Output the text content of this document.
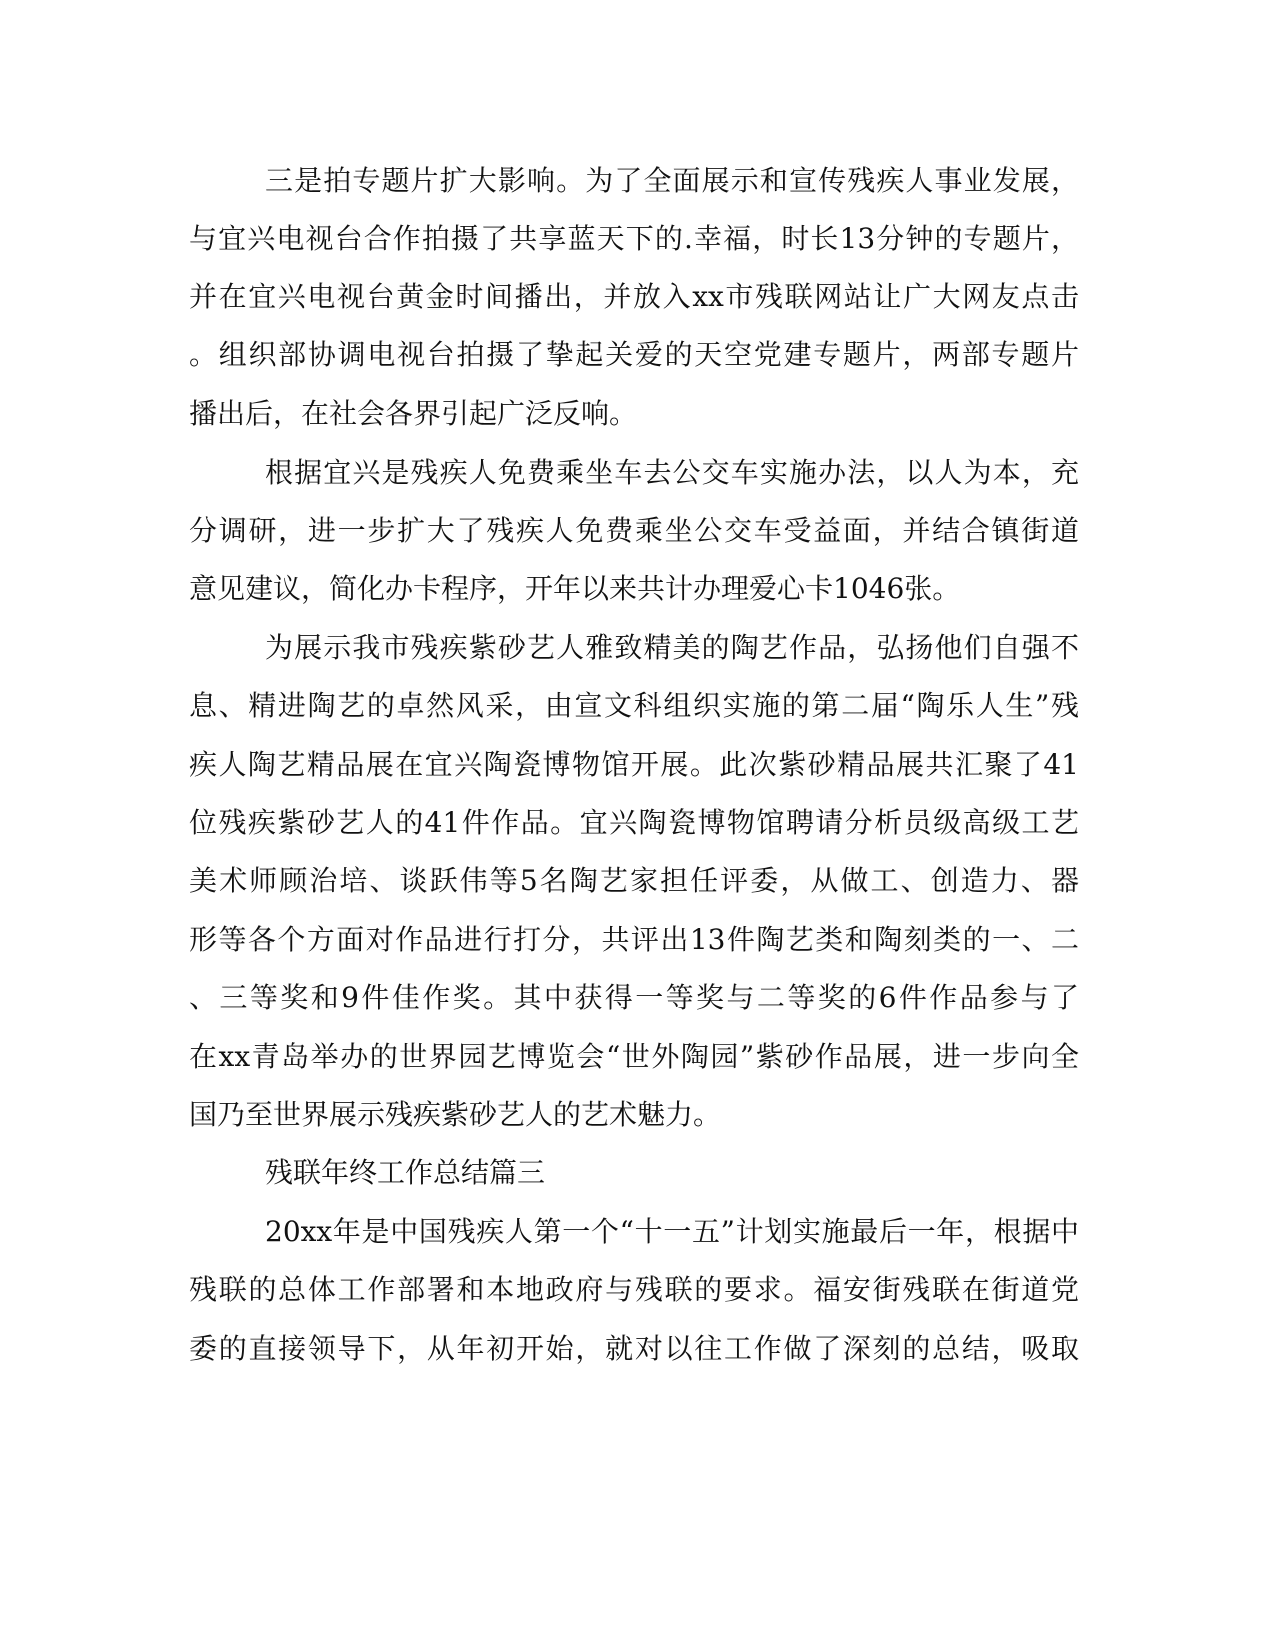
三是拍专题片扩大影响。为了全面展示和宣传残疾人事业发展，
与宜兴电视台合作拍摄了共享蓝天下的.幸福，时长13分钟的专题片，
并在宜兴电视台黄金时间播出，并放入xx市残联网站让广大网友点击
。组织部协调电视台拍摄了挚起关爱的天空党建专题片，两部专题片
播出后，在社会各界引起广泛反响。
根据宜兴是残疾人免费乘坐车去公交车实施办法，以人为本，充
分调研，进一步扩大了残疾人免费乘坐公交车受益面，并结合镇街道
意见建议，简化办卡程序，开年以来共计办理爱心卡1046张。
为展示我市残疾紫砂艺人雅致精美的陶艺作品，弘扬他们自强不
息、精进陶艺的卓然风采，由宣文科组织实施的第二届“陶乐人生”残
疾人陶艺精品展在宜兴陶瓷博物馆开展。此次紫砂精品展共汇聚了41
位残疾紫砂艺人的41件作品。宜兴陶瓷博物馆聘请分析员级高级工艺
美术师顾治培、谈跃伟等5名陶艺家担任评委，从做工、创造力、器
形等各个方面对作品进行打分，共评出13件陶艺类和陶刻类的一、二
、三等奖和9件佳作奖。其中获得一等奖与二等奖的6件作品参与了
在xx青岛举办的世界园艺博览会“世外陶园”紫砂作品展，进一步向全
国乃至世界展示残疾紫砂艺人的艺术魅力。
残联年终工作总结篇三
20xx年是中国残疾人第一个“十一五”计划实施最后一年，根据中
残联的总体工作部署和本地政府与残联的要求。福安街残联在街道党
委的直接领导下，从年初开始，就对以往工作做了深刻的总结，吸取
